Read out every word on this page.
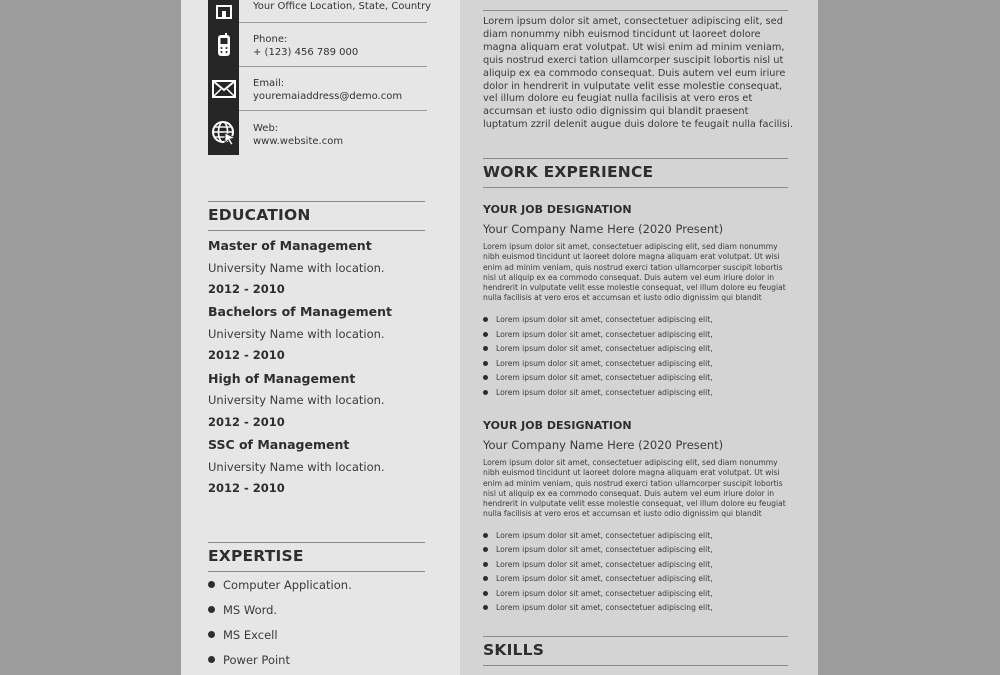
Your Office Location, State, Country
Phone:
+ (123) 456 789 000
Email:
youremaiaddress@demo.com
Web:
www.website.com
EDUCATION
Master of Management
University Name with location.
2012 - 2010
Bachelors of Management
University Name with location.
2012 - 2010
High of Management
University Name with location.
2012 - 2010
SSC of Management
University Name with location.
2012 - 2010
EXPERTISE
Computer Application.
MS Word.
MS Excell
Power Point
Lorem ipsum dolor sit amet, consectetuer adipiscing elit, sed diam nonummy nibh euismod tincidunt ut laoreet dolore magna aliquam erat volutpat. Ut wisi enim ad minim veniam, quis nostrud exerci tation ullamcorper suscipit lobortis nisl ut aliquip ex ea commodo consequat. Duis autem vel eum iriure dolor in hendrerit in vulputate velit esse molestie consequat, vel illum dolore eu feugiat nulla facilisis at vero eros et accumsan et iusto odio dignissim qui blandit praesent luptatum zzril delenit augue duis dolore te feugait nulla facilisi.
WORK EXPERIENCE
YOUR JOB DESIGNATION
Your Company Name Here (2020 Present)
Lorem ipsum dolor sit amet, consectetuer adipiscing elit, sed diam nonummy nibh euismod tincidunt ut laoreet dolore magna aliquam erat volutpat. Ut wisi enim ad minim veniam, quis nostrud exerci tation ullamcorper suscipit lobortis nisl ut aliquip ex ea commodo consequat. Duis autem vel eum iriure dolor in hendrerit in vulputate velit esse molestie consequat, vel illum dolore eu feugiat nulla facilisis at vero eros et accumsan et iusto odio dignissim qui blandit
Lorem ipsum dolor sit amet, consectetuer adipiscing elit,
Lorem ipsum dolor sit amet, consectetuer adipiscing elit,
Lorem ipsum dolor sit amet, consectetuer adipiscing elit,
Lorem ipsum dolor sit amet, consectetuer adipiscing elit,
Lorem ipsum dolor sit amet, consectetuer adipiscing elit,
Lorem ipsum dolor sit amet, consectetuer adipiscing elit,
YOUR JOB DESIGNATION
Your Company Name Here (2020 Present)
Lorem ipsum dolor sit amet, consectetuer adipiscing elit, sed diam nonummy nibh euismod tincidunt ut laoreet dolore magna aliquam erat volutpat. Ut wisi enim ad minim veniam, quis nostrud exerci tation ullamcorper suscipit lobortis nisl ut aliquip ex ea commodo consequat. Duis autem vel eum iriure dolor in hendrerit in vulputate velit esse molestie consequat, vel illum dolore eu feugiat nulla facilisis at vero eros et accumsan et iusto odio dignissim qui blandit
Lorem ipsum dolor sit amet, consectetuer adipiscing elit,
Lorem ipsum dolor sit amet, consectetuer adipiscing elit,
Lorem ipsum dolor sit amet, consectetuer adipiscing elit,
Lorem ipsum dolor sit amet, consectetuer adipiscing elit,
Lorem ipsum dolor sit amet, consectetuer adipiscing elit,
Lorem ipsum dolor sit amet, consectetuer adipiscing elit,
SKILLS
